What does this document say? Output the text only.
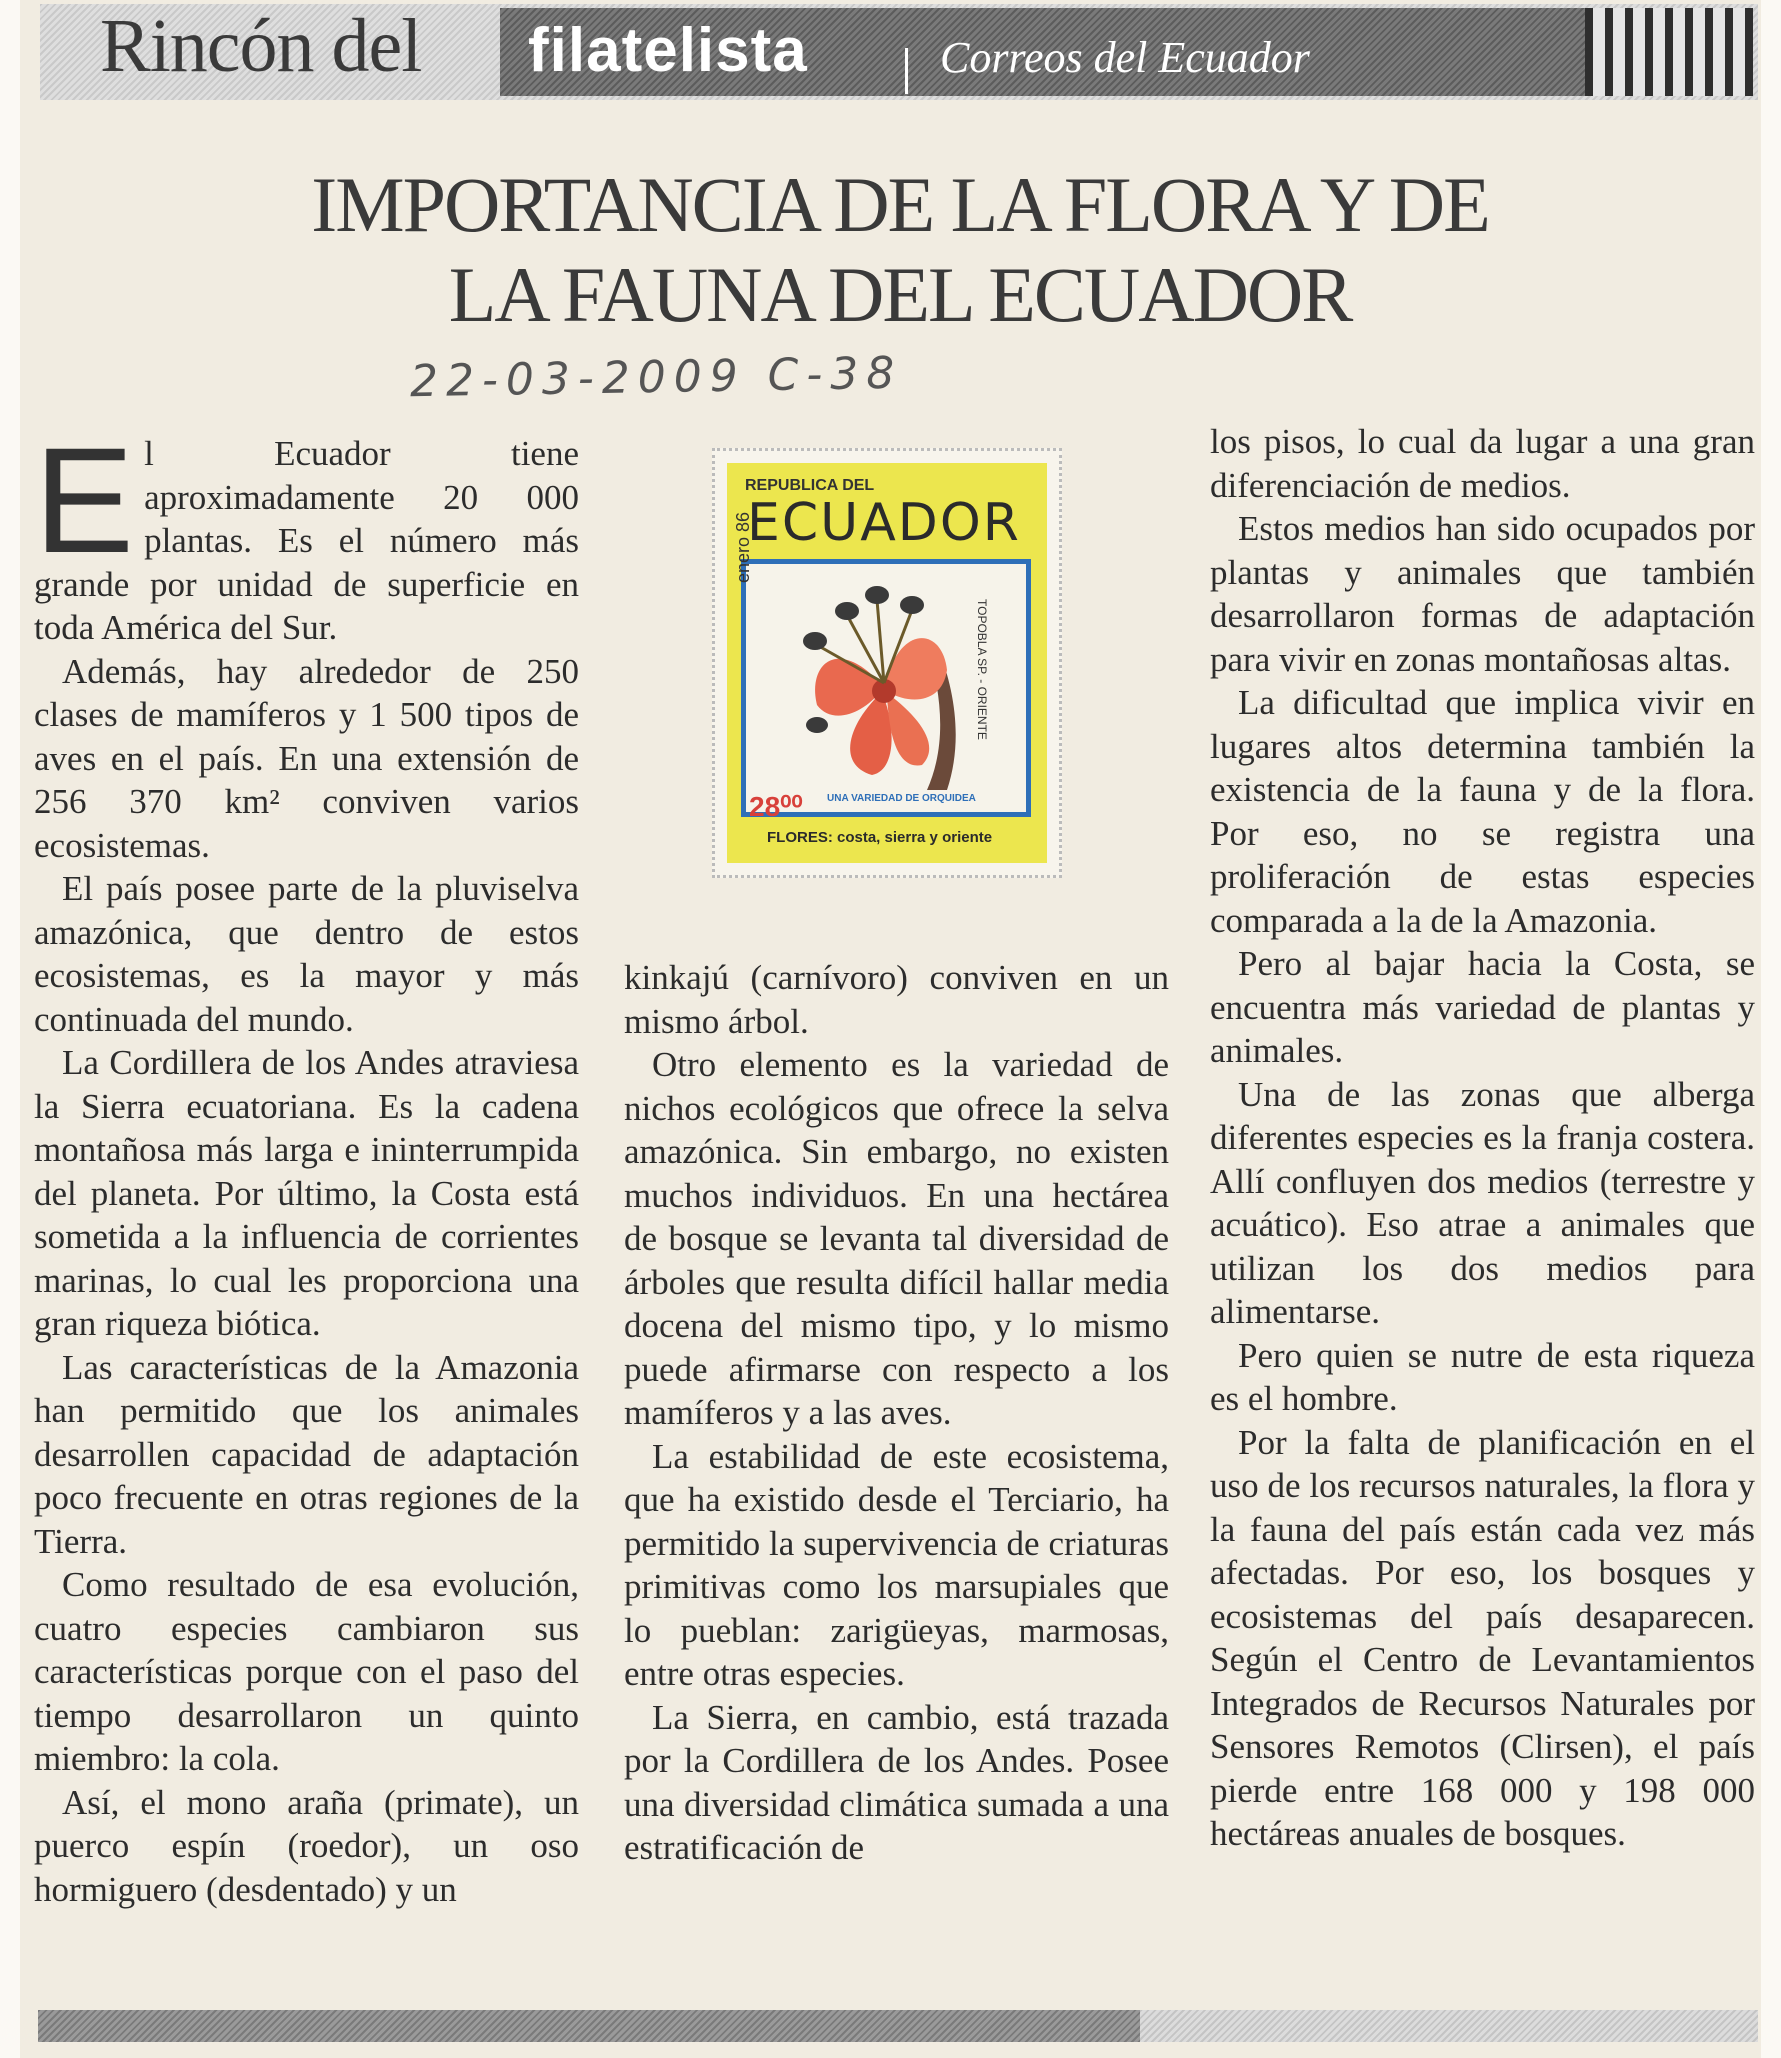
Rincón del filatelista	Correos del Ecuador
IMPORTANCIA DE LA FLORA Y DE
LA FAUNA DEL ECUADOR
22-03-2009 C-38

El Ecuador tiene aproximadamente 20 000 plantas. Es el número más grande por unidad de superficie en toda América del Sur.

Además, hay alrededor de 250 clases de mamíferos y 1 500 tipos de aves en el país. En una extensión de 256 370 km² conviven varios ecosistemas.

El país posee parte de la pluviselva amazónica, que dentro de estos ecosistemas, es la mayor y más continuada del mundo.

La Cordillera de los Andes atraviesa la Sierra ecuatoriana. Es la cadena montañosa más larga e ininterrumpida del planeta. Por último, la Costa está sometida a la influencia de corrientes marinas, lo cual les proporciona una gran riqueza biótica.

Las características de la Amazonia han permitido que los animales desarrollen capacidad de adaptación poco frecuente en otras regiones de la Tierra.

Como resultado de esa evolución, cuatro especies cambiaron sus características porque con el paso del tiempo desarrollaron un quinto miembro: la cola.

Así, el mono araña (primate), un puerco espín (roedor), un oso hormiguero (desdentado) y un

REPUBLICA DEL
ECUADOR
enero 86
TOPOBLA SP. - ORIENTE
28⁰⁰ UNA VARIEDAD DE ORQUIDEA
FLORES: costa, sierra y oriente

kinkajú (carnívoro) conviven en un mismo árbol.

Otro elemento es la variedad de nichos ecológicos que ofrece la selva amazónica. Sin embargo, no existen muchos individuos. En una hectárea de bosque se levanta tal diversidad de árboles que resulta difícil hallar media docena del mismo tipo, y lo mismo puede afirmarse con respecto a los mamíferos y a las aves.

La estabilidad de este ecosistema, que ha existido desde el Terciario, ha permitido la supervivencia de criaturas primitivas como los marsupiales que lo pueblan: zarigüeyas, marmosas, entre otras especies.

La Sierra, en cambio, está trazada por la Cordillera de los Andes. Posee una diversidad climática sumada a una estratificación de

los pisos, lo cual da lugar a una gran diferenciación de medios.

Estos medios han sido ocupados por plantas y animales que también desarrollaron formas de adaptación para vivir en zonas montañosas altas.

La dificultad que implica vivir en lugares altos determina también la existencia de la fauna y de la flora. Por eso, no se registra una proliferación de estas especies comparada a la de la Amazonia.

Pero al bajar hacia la Costa, se encuentra más variedad de plantas y animales.

Una de las zonas que alberga diferentes especies es la franja costera. Allí confluyen dos medios (terrestre y acuático). Eso atrae a animales que utilizan los dos medios para alimentarse.

Pero quien se nutre de esta riqueza es el hombre.

Por la falta de planificación en el uso de los recursos naturales, la flora y la fauna del país están cada vez más afectadas. Por eso, los bosques y ecosistemas del país desaparecen. Según el Centro de Levantamientos Integrados de Recursos Naturales por Sensores Remotos (Clirsen), el país pierde entre 168 000 y 198 000 hectáreas anuales de bosques.
